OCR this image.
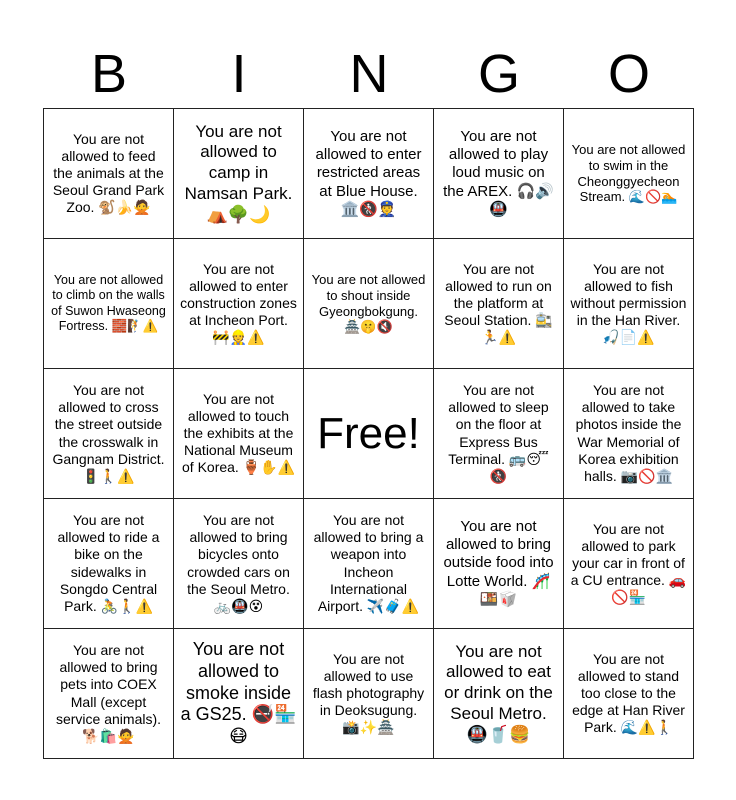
B	I	N	G	O
You are not allowed to feed the animals at the Seoul Grand Park Zoo. 🐒🍌🙅
You are not allowed to camp in Namsan Park. ⛺🌳🌙
You are not allowed to enter restricted areas at Blue House. 🏛️🚷👮
You are not allowed to play loud music on the AREX. 🎧🔊🚇
You are not allowed to swim in the Cheonggyecheon Stream. 🌊🚫🏊
You are not allowed to climb on the walls of Suwon Hwaseong Fortress. 🧱🧗⚠️
You are not allowed to enter construction zones at Incheon Port. 🚧👷⚠️
You are not allowed to shout inside Gyeongbokgung. 🏯🤫🔇
You are not allowed to run on the platform at Seoul Station. 🚉🏃⚠️
You are not allowed to fish without permission in the Han River. 🎣📄⚠️
You are not allowed to cross the street outside the crosswalk in Gangnam District. 🚦🚶⚠️
You are not allowed to touch the exhibits at the National Museum of Korea. 🏺✋⚠️
Free!
You are not allowed to sleep on the floor at Express Bus Terminal. 🚌😴🚷
You are not allowed to take photos inside the War Memorial of Korea exhibition halls. 📷🚫🏛️
You are not allowed to ride a bike on the sidewalks in Songdo Central Park. 🚴🚶⚠️
You are not allowed to bring bicycles onto crowded cars on the Seoul Metro. 🚲🚇😵
You are not allowed to bring a weapon into Incheon International Airport. ✈️🧳⚠️
You are not allowed to bring outside food into Lotte World. 🎢🍱🥡
You are not allowed to park your car in front of a CU entrance. 🚗🚫🏪
You are not allowed to bring pets into COEX Mall (except service animals). 🐕🛍️🙅
You are not allowed to smoke inside a GS25. 🚭🏪😷
You are not allowed to use flash photography in Deoksugung. 📸✨🏯
You are not allowed to eat or drink on the Seoul Metro. 🚇🥤🍔
You are not allowed to stand too close to the edge at Han River Park. 🌊⚠️🚶
